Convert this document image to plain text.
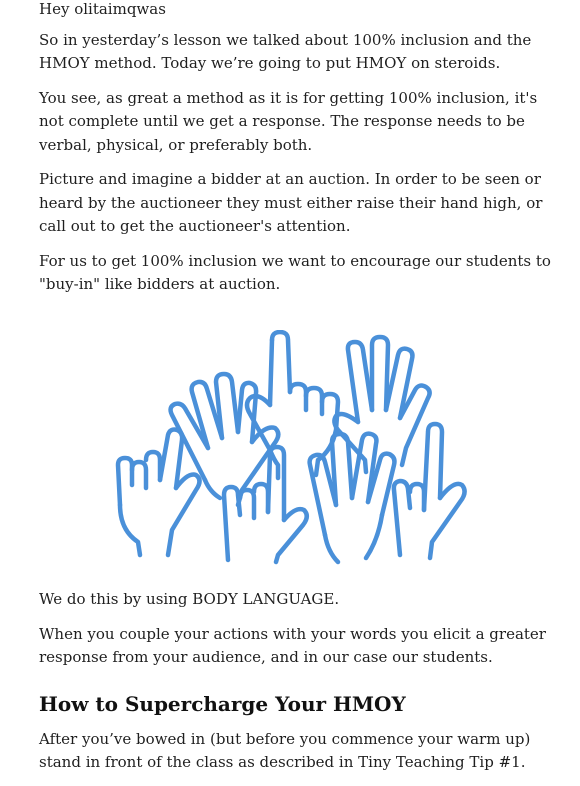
Hey olitaimqwas

So in yesterday’s lesson we talked about 100% inclusion and the HMOY method. Today we’re going to put HMOY on steroids.

You see, as great a method as it is for getting 100% inclusion, it's not complete until we get a response. The response needs to be verbal, physical, or preferably both.

Picture and imagine a bidder at an auction. In order to be seen or heard by the auctioneer they must either raise their hand high, or call out to get the auctioneer's attention.

For us to get 100% inclusion we want to encourage our students to "buy-in" like bidders at auction.

We do this by using BODY LANGUAGE.

When you couple your actions with your words you elicit a greater response from your audience, and in our case our students.

How to Supercharge Your HMOY

After you’ve bowed in (but before you commence your warm up) stand in front of the class as described in Tiny Teaching Tip #1.
